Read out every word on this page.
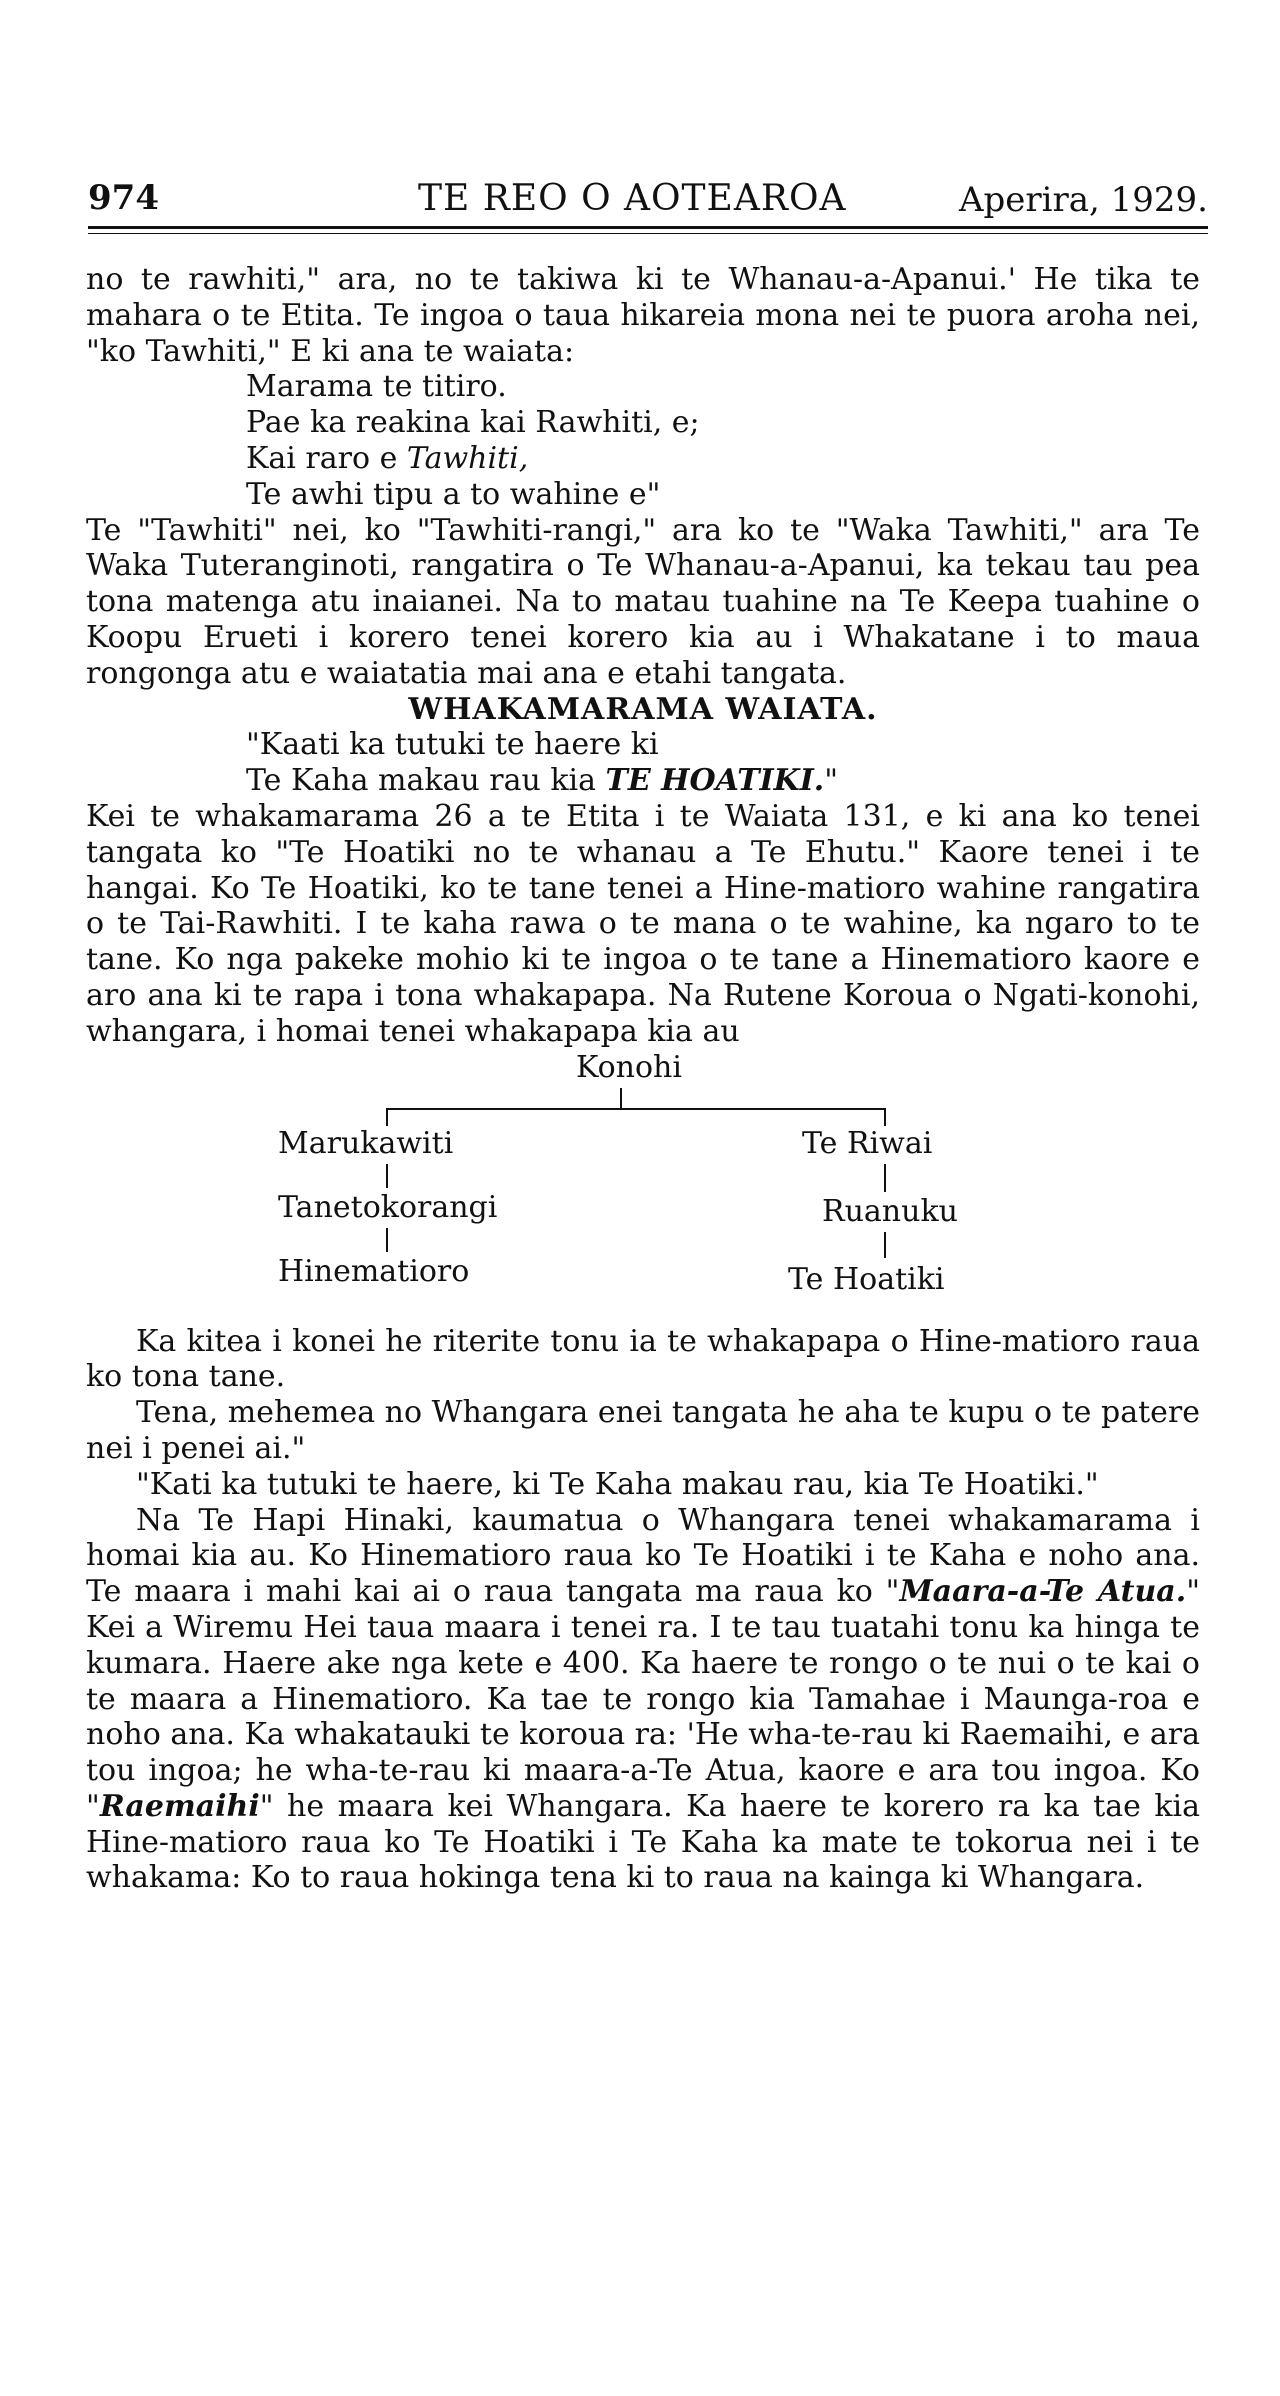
974	TE REO O AOTEAROA	Aperira, 1929.

no te rawhiti," ara, no te takiwa ki te Whanau-a-Apanui.' He tika te mahara o te Etita. Te ingoa o taua hikareia mona nei te puora aroha nei, "ko Tawhiti," E ki ana te waiata:

Marama te titiro.

Pae ka reakina kai Rawhiti, e;

Kai raro e Tawhiti,

Te awhi tipu a to wahine e"

Te "Tawhiti" nei, ko "Tawhiti-rangi," ara ko te "Waka Tawhiti," ara Te Waka Tuteranginoti, rangatira o Te Whanau-a-Apanui, ka tekau tau pea tona matenga atu inaianei. Na to matau tuahine na Te Keepa tuahine o Koopu Erueti i korero tenei korero kia au i Whakatane i to maua rongonga atu e waiatatia mai ana e etahi tangata.

WHAKAMARAMA WAIATA.

"Kaati ka tutuki te haere ki

Te Kaha makau rau kia TE HOATIKI."

Kei te whakamarama 26 a te Etita i te Waiata 131, e ki ana ko tenei tangata ko "Te Hoatiki no te whanau a Te Ehutu." Kaore tenei i te hangai. Ko Te Hoatiki, ko te tane tenei a Hine-matioro wahine rangatira o te Tai-Rawhiti. I te kaha rawa o te mana o te wahine, ka ngaro to te tane. Ko nga pakeke mohio ki te ingoa o te tane a Hinematioro kaore e aro ana ki te rapa i tona whakapapa. Na Rutene Koroua o Ngati-konohi, whangara, i homai tenei whakapapa kia au

Konohi
Marukawiti
Tanetokorangi
Hinematioro
Te Riwai
Ruanuku
Te Hoatiki

Ka kitea i konei he riterite tonu ia te whakapapa o Hine-matioro raua ko tona tane.

Tena, mehemea no Whangara enei tangata he aha te kupu o te patere nei i penei ai."

"Kati ka tutuki te haere, ki Te Kaha makau rau, kia Te Hoatiki."

Na Te Hapi Hinaki, kaumatua o Whangara tenei whakamarama i homai kia au. Ko Hinematioro raua ko Te Hoatiki i te Kaha e noho ana. Te maara i mahi kai ai o raua tangata ma raua ko "Maara-a-Te Atua." Kei a Wiremu Hei taua maara i tenei ra. I te tau tuatahi tonu ka hinga te kumara. Haere ake nga kete e 400. Ka haere te rongo o te nui o te kai o te maara a Hinematioro. Ka tae te rongo kia Tamahae i Maunga-roa e noho ana. Ka whakatauki te koroua ra: 'He wha-te-rau ki Raemaihi, e ara tou ingoa; he wha-te-rau ki maara-a-Te Atua, kaore e ara tou ingoa. Ko "Raemaihi" he maara kei Whangara. Ka haere te korero ra ka tae kia Hine-matioro raua ko Te Hoatiki i Te Kaha ka mate te tokorua nei i te whakama: Ko to raua hokinga tena ki to raua na kainga ki Whangara.
